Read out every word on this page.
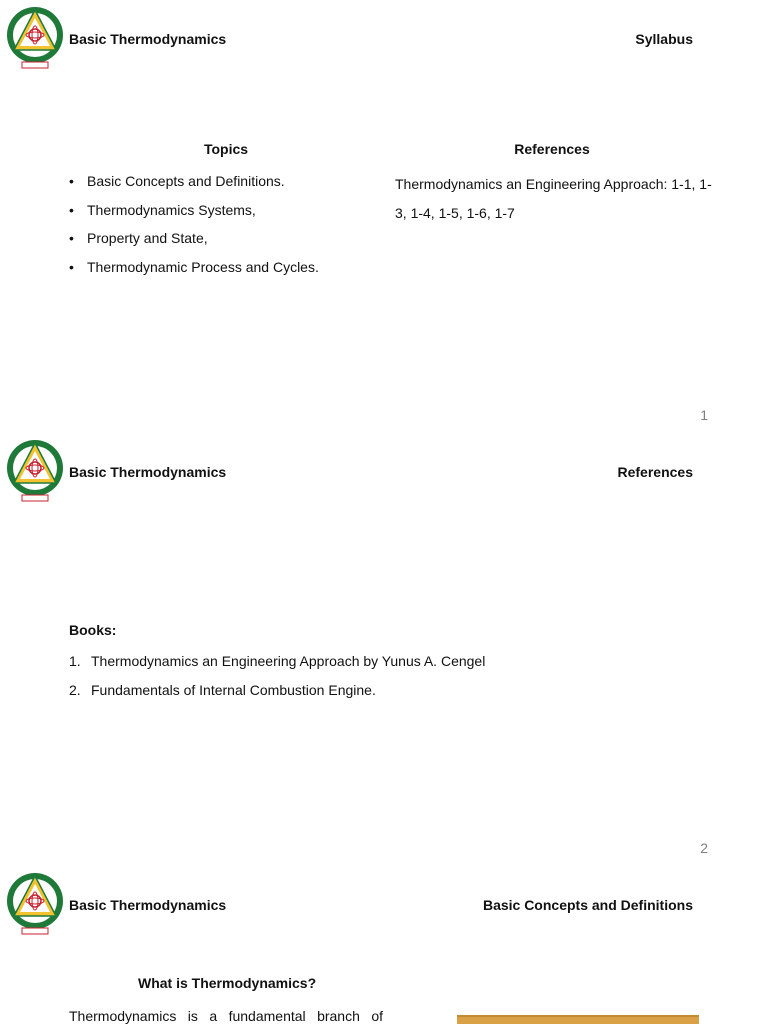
Basic Thermodynamics	Syllabus
Topics	References
• Basic Concepts and Definitions.
• Thermodynamics Systems,
• Property and State,
• Thermodynamic Process and Cycles.
Thermodynamics an Engineering Approach: 1-1, 1-3, 1-4, 1-5, 1-6, 1-7
1
Basic Thermodynamics	References
Books:
1. Thermodynamics an Engineering Approach by Yunus A. Cengel
2. Fundamentals of Internal Combustion Engine.
2
Basic Thermodynamics	Basic Concepts and Definitions
What is Thermodynamics?
Thermodynamics is a fundamental branch of
